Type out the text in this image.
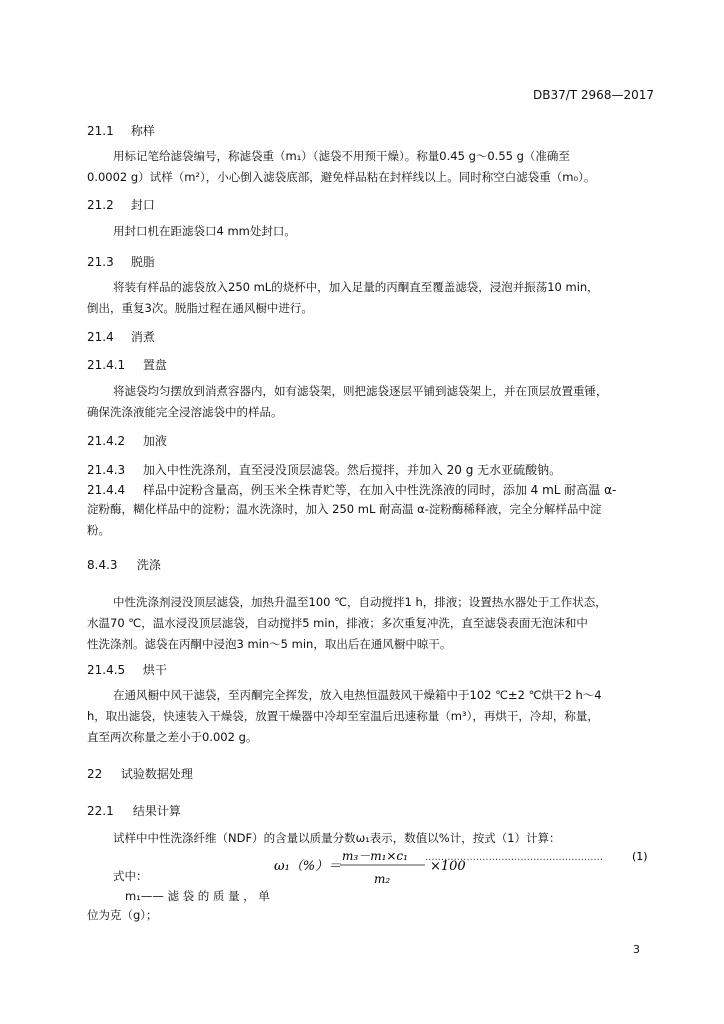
DB37/T 2968—2017
21.1 称样
用标记笔给滤袋编号，称滤袋重（m₁）（滤袋不用预干燥）。称量0.45 g～0.55 g（准确至
0.0002 g）试样（m²），小心倒入滤袋底部，避免样品粘在封样线以上。同时称空白滤袋重（m₀）。
21.2 封口
用封口机在距滤袋口4 mm处封口。
21.3 脱脂
将装有样品的滤袋放入250 mL的烧杯中，加入足量的丙酮直至覆盖滤袋，浸泡并振荡10 min，
倒出，重复3次。脱脂过程在通风橱中进行。
21.4 消煮
21.4.1 置盘
将滤袋均匀摆放到消煮容器内，如有滤袋架，则把滤袋逐层平铺到滤袋架上，并在顶层放置重锤，
确保洗涤液能完全浸溶滤袋中的样品。
21.4.2 加液
21.4.3 加入中性洗涤剂，直至浸没顶层滤袋。然后搅拌，并加入 20 g 无水亚硫酸钠。
21.4.4 样品中淀粉含量高，例玉米全株青贮等，在加入中性洗涤液的同时，添加 4 mL 耐高温 α-
淀粉酶，糊化样品中的淀粉；温水洗涤时，加入 250 mL 耐高温 α-淀粉酶稀释液，完全分解样品中淀
粉。
8.4.3 洗涤
中性洗涤剂浸没顶层滤袋，加热升温至100 ℃，自动搅拌1 h，排液；设置热水器处于工作状态，
水温70 ℃，温水浸没顶层滤袋，自动搅拌5 min，排液；多次重复冲洗，直至滤袋表面无泡沫和中
性洗涤剂。滤袋在丙酮中浸泡3 min～5 min，取出后在通风橱中晾干。
21.4.5 烘干
在通风橱中风干滤袋，至丙酮完全挥发，放入电热恒温鼓风干燥箱中于102 ℃±2 ℃烘干2 h～4
h，取出滤袋，快速装入干燥袋，放置干燥器中冷却至室温后迅速称量（m³），再烘干，冷却，称量，
直至两次称量之差小于0.002 g。
22 试验数据处理
22.1 结果计算
试样中中性洗涤纤维（NDF）的含量以质量分数ω₁表示，数值以%计，按式（1）计算：
ω₁（%）＝
m₃－m₁×c₁
m₂
×100
........................................................	(1)
式中：
m₁—— 滤 袋 的 质 量 ， 单
位为克（g）；
3
